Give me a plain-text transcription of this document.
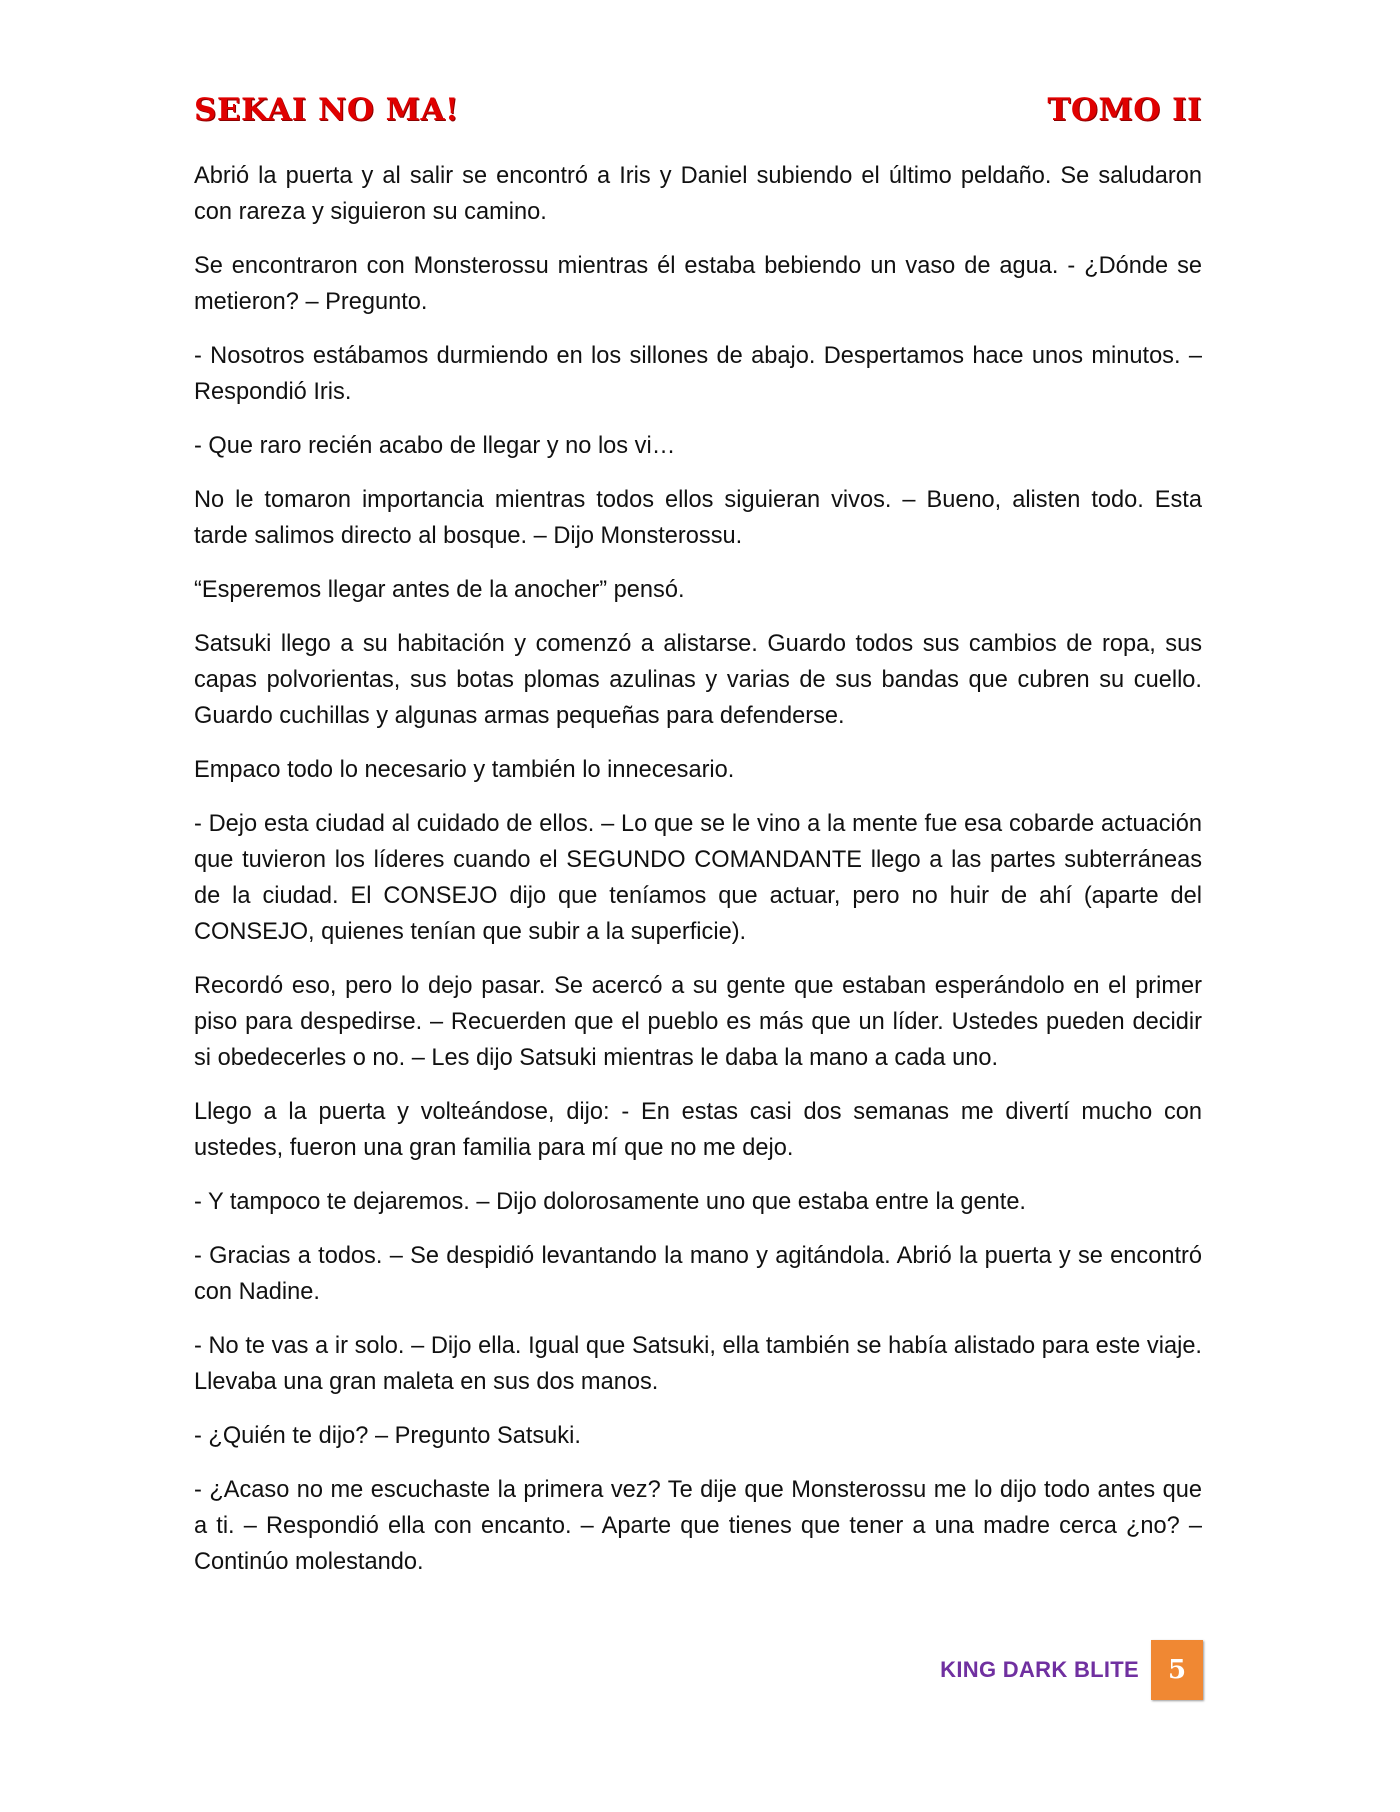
SEKAI NO MA!	TOMO II

Abrió la puerta y al salir se encontró a Iris y Daniel subiendo el último peldaño. Se saludaron con rareza y siguieron su camino.

Se encontraron con Monsterossu mientras él estaba bebiendo un vaso de agua. - ¿Dónde se metieron? – Pregunto.

- Nosotros estábamos durmiendo en los sillones de abajo. Despertamos hace unos minutos. – Respondió Iris.

- Que raro recién acabo de llegar y no los vi…

No le tomaron importancia mientras todos ellos siguieran vivos. – Bueno, alisten todo. Esta tarde salimos directo al bosque. – Dijo Monsterossu.

“Esperemos llegar antes de la anocher” pensó.

Satsuki llego a su habitación y comenzó a alistarse. Guardo todos sus cambios de ropa, sus capas polvorientas, sus botas plomas azulinas y varias de sus bandas que cubren su cuello. Guardo cuchillas y algunas armas pequeñas para defenderse.

Empaco todo lo necesario y también lo innecesario.

- Dejo esta ciudad al cuidado de ellos. – Lo que se le vino a la mente fue esa cobarde actuación que tuvieron los líderes cuando el SEGUNDO COMANDANTE llego a las partes subterráneas de la ciudad. El CONSEJO dijo que teníamos que actuar, pero no huir de ahí (aparte del CONSEJO, quienes tenían que subir a la superficie).

Recordó eso, pero lo dejo pasar. Se acercó a su gente que estaban esperándolo en el primer piso para despedirse. – Recuerden que el pueblo es más que un líder. Ustedes pueden decidir si obedecerles o no. – Les dijo Satsuki mientras le daba la mano a cada uno.

Llego a la puerta y volteándose, dijo: - En estas casi dos semanas me divertí mucho con ustedes, fueron una gran familia para mí que no me dejo.

- Y tampoco te dejaremos. – Dijo dolorosamente uno que estaba entre la gente.

- Gracias a todos. – Se despidió levantando la mano y agitándola. Abrió la puerta y se encontró con Nadine.

- No te vas a ir solo. – Dijo ella. Igual que Satsuki, ella también se había alistado para este viaje. Llevaba una gran maleta en sus dos manos.

- ¿Quién te dijo? – Pregunto Satsuki.

- ¿Acaso no me escuchaste la primera vez? Te dije que Monsterossu me lo dijo todo antes que a ti. – Respondió ella con encanto. – Aparte que tienes que tener a una madre cerca ¿no? – Continúo molestando.

KING DARK BLITE	5
